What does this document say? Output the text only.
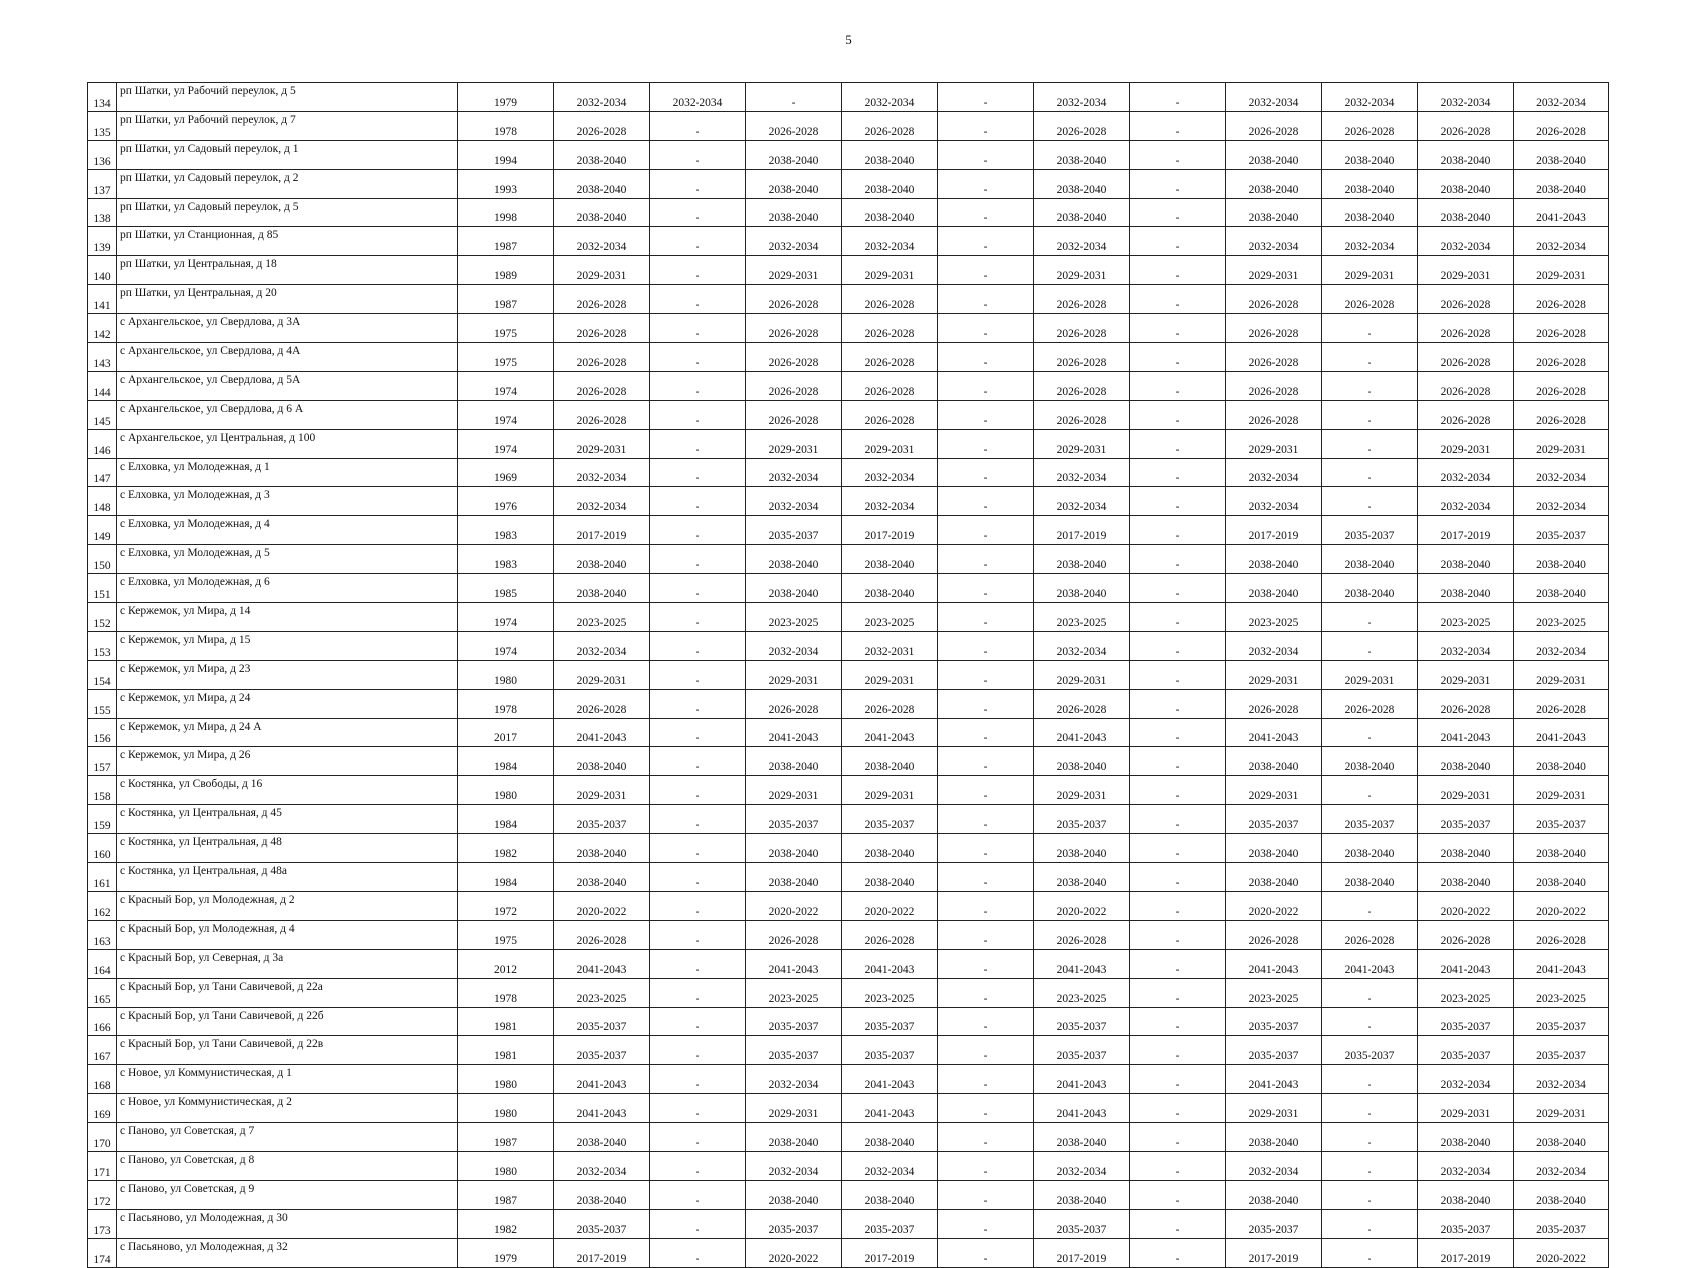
5
134	рп Шатки, ул Рабочий переулок, д 5	1979	2032-2034	2032-2034	-	2032-2034	-	2032-2034	-	2032-2034	2032-2034	2032-2034	2032-2034
135	рп Шатки, ул Рабочий переулок, д 7	1978	2026-2028	-	2026-2028	2026-2028	-	2026-2028	-	2026-2028	2026-2028	2026-2028	2026-2028
136	рп Шатки, ул Садовый переулок, д 1	1994	2038-2040	-	2038-2040	2038-2040	-	2038-2040	-	2038-2040	2038-2040	2038-2040	2038-2040
137	рп Шатки, ул Садовый переулок, д 2	1993	2038-2040	-	2038-2040	2038-2040	-	2038-2040	-	2038-2040	2038-2040	2038-2040	2038-2040
138	рп Шатки, ул Садовый переулок, д 5	1998	2038-2040	-	2038-2040	2038-2040	-	2038-2040	-	2038-2040	2038-2040	2038-2040	2041-2043
139	рп Шатки, ул Станционная, д 85	1987	2032-2034	-	2032-2034	2032-2034	-	2032-2034	-	2032-2034	2032-2034	2032-2034	2032-2034
140	рп Шатки, ул Центральная, д 18	1989	2029-2031	-	2029-2031	2029-2031	-	2029-2031	-	2029-2031	2029-2031	2029-2031	2029-2031
141	рп Шатки, ул Центральная, д 20	1987	2026-2028	-	2026-2028	2026-2028	-	2026-2028	-	2026-2028	2026-2028	2026-2028	2026-2028
142	с Архангельское, ул Свердлова, д 3А	1975	2026-2028	-	2026-2028	2026-2028	-	2026-2028	-	2026-2028	-	2026-2028	2026-2028
143	с Архангельское, ул Свердлова, д 4А	1975	2026-2028	-	2026-2028	2026-2028	-	2026-2028	-	2026-2028	-	2026-2028	2026-2028
144	с Архангельское, ул Свердлова, д 5А	1974	2026-2028	-	2026-2028	2026-2028	-	2026-2028	-	2026-2028	-	2026-2028	2026-2028
145	с Архангельское, ул Свердлова, д 6 А	1974	2026-2028	-	2026-2028	2026-2028	-	2026-2028	-	2026-2028	-	2026-2028	2026-2028
146	с Архангельское, ул Центральная, д 100	1974	2029-2031	-	2029-2031	2029-2031	-	2029-2031	-	2029-2031	-	2029-2031	2029-2031
147	с Елховка, ул Молодежная, д 1	1969	2032-2034	-	2032-2034	2032-2034	-	2032-2034	-	2032-2034	-	2032-2034	2032-2034
148	с Елховка, ул Молодежная, д 3	1976	2032-2034	-	2032-2034	2032-2034	-	2032-2034	-	2032-2034	-	2032-2034	2032-2034
149	с Елховка, ул Молодежная, д 4	1983	2017-2019	-	2035-2037	2017-2019	-	2017-2019	-	2017-2019	2035-2037	2017-2019	2035-2037
150	с Елховка, ул Молодежная, д 5	1983	2038-2040	-	2038-2040	2038-2040	-	2038-2040	-	2038-2040	2038-2040	2038-2040	2038-2040
151	с Елховка, ул Молодежная, д 6	1985	2038-2040	-	2038-2040	2038-2040	-	2038-2040	-	2038-2040	2038-2040	2038-2040	2038-2040
152	с Кержемок, ул Мира, д 14	1974	2023-2025	-	2023-2025	2023-2025	-	2023-2025	-	2023-2025	-	2023-2025	2023-2025
153	с Кержемок, ул Мира, д 15	1974	2032-2034	-	2032-2034	2032-2031	-	2032-2034	-	2032-2034	-	2032-2034	2032-2034
154	с Кержемок, ул Мира, д 23	1980	2029-2031	-	2029-2031	2029-2031	-	2029-2031	-	2029-2031	2029-2031	2029-2031	2029-2031
155	с Кержемок, ул Мира, д 24	1978	2026-2028	-	2026-2028	2026-2028	-	2026-2028	-	2026-2028	2026-2028	2026-2028	2026-2028
156	с Кержемок, ул Мира, д 24 А	2017	2041-2043	-	2041-2043	2041-2043	-	2041-2043	-	2041-2043	-	2041-2043	2041-2043
157	с Кержемок, ул Мира, д 26	1984	2038-2040	-	2038-2040	2038-2040	-	2038-2040	-	2038-2040	2038-2040	2038-2040	2038-2040
158	с Костянка, ул Свободы, д 16	1980	2029-2031	-	2029-2031	2029-2031	-	2029-2031	-	2029-2031	-	2029-2031	2029-2031
159	с Костянка, ул Центральная, д 45	1984	2035-2037	-	2035-2037	2035-2037	-	2035-2037	-	2035-2037	2035-2037	2035-2037	2035-2037
160	с Костянка, ул Центральная, д 48	1982	2038-2040	-	2038-2040	2038-2040	-	2038-2040	-	2038-2040	2038-2040	2038-2040	2038-2040
161	с Костянка, ул Центральная, д 48а	1984	2038-2040	-	2038-2040	2038-2040	-	2038-2040	-	2038-2040	2038-2040	2038-2040	2038-2040
162	с Красный Бор, ул Молодежная, д 2	1972	2020-2022	-	2020-2022	2020-2022	-	2020-2022	-	2020-2022	-	2020-2022	2020-2022
163	с Красный Бор, ул Молодежная, д 4	1975	2026-2028	-	2026-2028	2026-2028	-	2026-2028	-	2026-2028	2026-2028	2026-2028	2026-2028
164	с Красный Бор, ул Северная, д 3а	2012	2041-2043	-	2041-2043	2041-2043	-	2041-2043	-	2041-2043	2041-2043	2041-2043	2041-2043
165	с Красный Бор, ул Тани Савичевой, д 22а	1978	2023-2025	-	2023-2025	2023-2025	-	2023-2025	-	2023-2025	-	2023-2025	2023-2025
166	с Красный Бор, ул Тани Савичевой, д 22б	1981	2035-2037	-	2035-2037	2035-2037	-	2035-2037	-	2035-2037	-	2035-2037	2035-2037
167	с Красный Бор, ул Тани Савичевой, д 22в	1981	2035-2037	-	2035-2037	2035-2037	-	2035-2037	-	2035-2037	2035-2037	2035-2037	2035-2037
168	с Новое, ул Коммунистическая, д 1	1980	2041-2043	-	2032-2034	2041-2043	-	2041-2043	-	2041-2043	-	2032-2034	2032-2034
169	с Новое, ул Коммунистическая, д 2	1980	2041-2043	-	2029-2031	2041-2043	-	2041-2043	-	2029-2031	-	2029-2031	2029-2031
170	с Паново, ул Советская, д 7	1987	2038-2040	-	2038-2040	2038-2040	-	2038-2040	-	2038-2040	-	2038-2040	2038-2040
171	с Паново, ул Советская, д 8	1980	2032-2034	-	2032-2034	2032-2034	-	2032-2034	-	2032-2034	-	2032-2034	2032-2034
172	с Паново, ул Советская, д 9	1987	2038-2040	-	2038-2040	2038-2040	-	2038-2040	-	2038-2040	-	2038-2040	2038-2040
173	с Пасьяново, ул Молодежная, д 30	1982	2035-2037	-	2035-2037	2035-2037	-	2035-2037	-	2035-2037	-	2035-2037	2035-2037
174	с Пасьяново, ул Молодежная, д 32	1979	2017-2019	-	2020-2022	2017-2019	-	2017-2019	-	2017-2019	-	2017-2019	2020-2022
